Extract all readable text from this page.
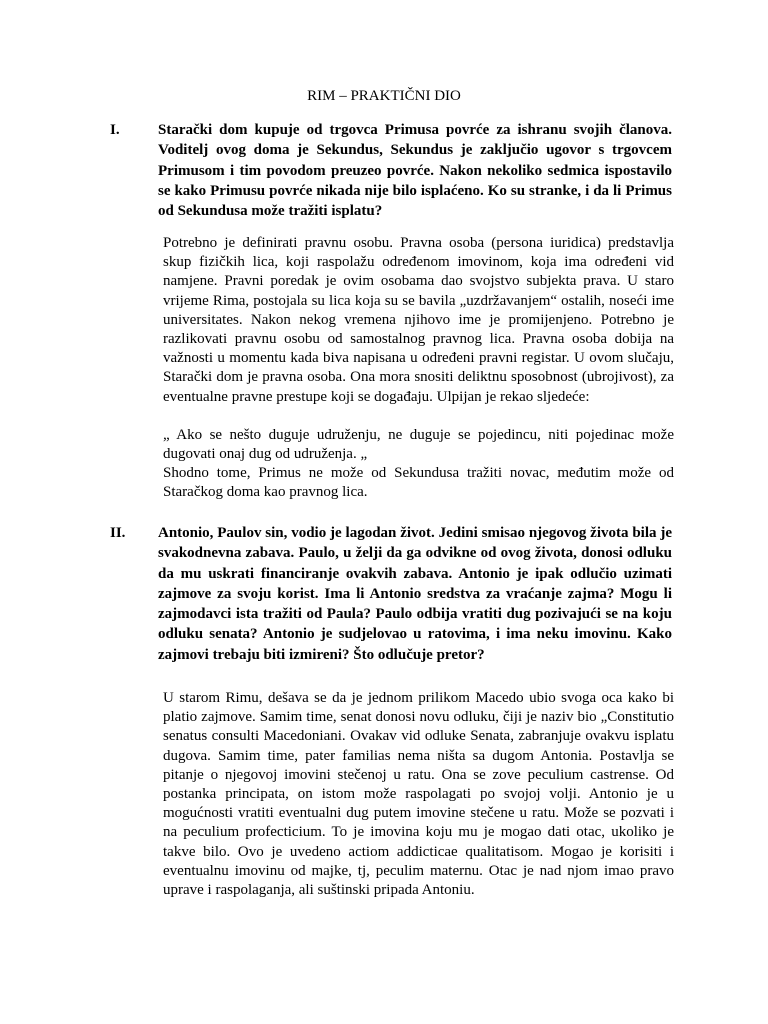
RIM – PRAKTIČNI DIO
I.	Starački dom kupuje od trgovca Primusa povrće za ishranu svojih članova. Voditelj ovog doma je Sekundus, Sekundus je zaključio ugovor s trgovcem Primusom i tim povodom preuzeo povrće. Nakon nekoliko sedmica ispostavilo se kako Primusu povrće nikada nije bilo isplaćeno. Ko su stranke, i da li Primus od Sekundusa može tražiti isplatu?

Potrebno je definirati pravnu osobu. Pravna osoba (persona iuridica) predstavlja skup fizičkih lica, koji raspolažu određenom imovinom, koja ima određeni vid namjene. Pravni poredak je ovim osobama dao svojstvo subjekta prava. U staro vrijeme Rima, postojala su lica koja su se bavila „uzdržavanjem“ ostalih, noseći ime universitates. Nakon nekog vremena njihovo ime je promijenjeno. Potrebno je razlikovati pravnu osobu od samostalnog pravnog lica. Pravna osoba dobija na važnosti u momentu kada biva napisana u određeni pravni registar. U ovom slučaju, Starački dom je pravna osoba. Ona mora snositi deliktnu sposobnost (ubrojivost), za eventualne pravne prestupe koji se događaju. Ulpijan je rekao sljedeće:

„ Ako se nešto duguje udruženju, ne duguje se pojedincu, niti pojedinac može dugovati onaj dug od udruženja. „

Shodno tome, Primus ne može od Sekundusa tražiti novac, međutim može od Staračkog doma kao pravnog lica.

II. Antonio, Paulov sin, vodio je lagodan život. Jedini smisao njegovog života bila je svakodnevna zabava. Paulo, u želji da ga odvikne od ovog života, donosi odluku da mu uskrati financiranje ovakvih zabava. Antonio je ipak odlučio uzimati zajmove za svoju korist. Ima li Antonio sredstva za vraćanje zajma? Mogu li zajmodavci ista tražiti od Paula? Paulo odbija vratiti dug pozivajući se na koju odluku senata? Antonio je sudjelovao u ratovima, i ima neku imovinu. Kako zajmovi trebaju biti izmireni? Što odlučuje pretor?

U starom Rimu, dešava se da je jednom prilikom Macedo ubio svoga oca kako bi platio zajmove. Samim time, senat donosi novu odluku, čiji je naziv bio „Constitutio senatus consulti Macedoniani. Ovakav vid odluke Senata, zabranjuje ovakvu isplatu dugova. Samim time, pater familias nema ništa sa dugom Antonia. Postavlja se pitanje o njegovoj imovini stečenoj u ratu. Ona se zove peculium castrense. Od postanka principata, on istom može raspolagati po svojoj volji. Antonio je u mogućnosti vratiti eventualni dug putem imovine stečene u ratu. Može se pozvati i na peculium profecticium. To je imovina koju mu je mogao dati otac, ukoliko je takve bilo. Ovo je uvedeno actiom addicticae qualitatisom. Mogao je korisiti i eventualnu imovinu od majke, tj, peculim maternu. Otac je nad njom imao pravo uprave i raspolaganja, ali suštinski pripada Antoniu.
